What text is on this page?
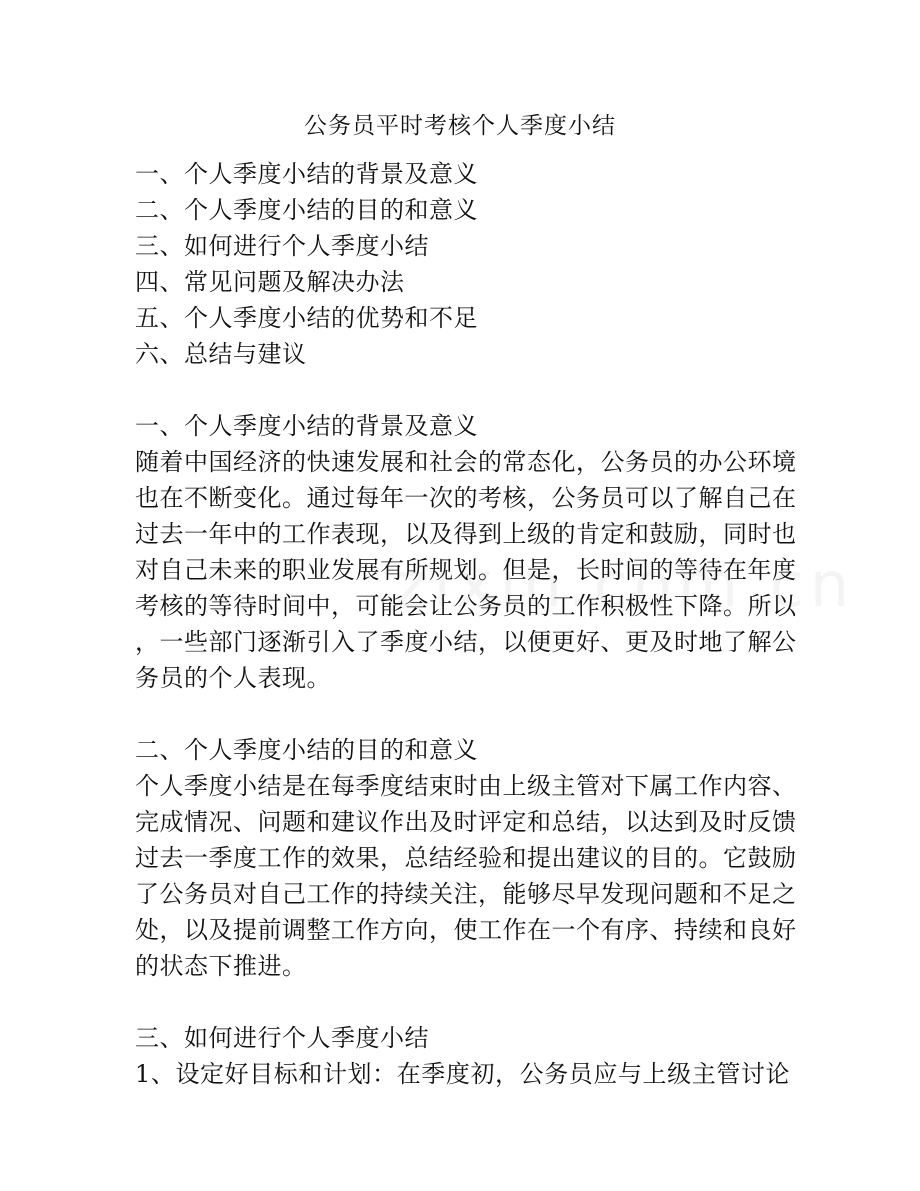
公务员平时考核个人季度小结
一、个人季度小结的背景及意义
二、个人季度小结的目的和意义
三、如何进行个人季度小结
四、常见问题及解决办法
五、个人季度小结的优势和不足
六、总结与建议
一、个人季度小结的背景及意义
随着中国经济的快速发展和社会的常态化，公务员的办公环境
也在不断变化。通过每年一次的考核，公务员可以了解自己在
过去一年中的工作表现，以及得到上级的肯定和鼓励，同时也
对自己未来的职业发展有所规划。但是，长时间的等待在年度
考核的等待时间中，可能会让公务员的工作积极性下降。所以
，一些部门逐渐引入了季度小结，以便更好、更及时地了解公
务员的个人表现。
二、个人季度小结的目的和意义
个人季度小结是在每季度结束时由上级主管对下属工作内容、
完成情况、问题和建议作出及时评定和总结，以达到及时反馈
过去一季度工作的效果，总结经验和提出建议的目的。它鼓励
了公务员对自己工作的持续关注，能够尽早发现问题和不足之
处，以及提前调整工作方向，使工作在一个有序、持续和良好
的状态下推进。
三、如何进行个人季度小结
1、设定好目标和计划：在季度初，公务员应与上级主管讨论
